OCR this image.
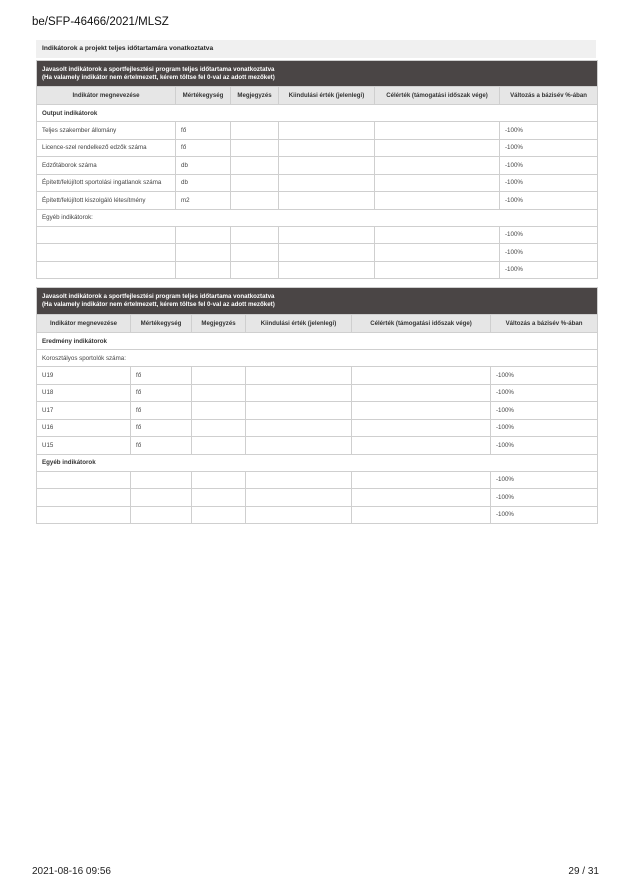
be/SFP-46466/2021/MLSZ
Indikátorok a projekt teljes időtartamára vonatkoztatva
Javasolt indikátorok a sportfejlesztési program teljes időtartama vonatkoztatva
(Ha valamely indikátor nem értelmezett, kérem töltse fel 0-val az adott mezőket)					

Indikátor megnevezése	Mértékegység	Megjegyzés	Kiindulási érték (jelenlegi)	Célérték (támogatási időszak vége)	Változás a bázisév %-ában
Output indikátorok					
Teljes szakember állomány	fő				-100%
Licence-szel rendelkező edzők száma	fő				-100%
Edzőtáborok száma	db				-100%
Épített/felújított sportolási ingatlanok száma	db				-100%
Épített/felújított kiszolgáló létesítmény	m2				-100%
Egyéb indikátorok:					
					-100%
					-100%
					-100%
Javasolt indikátorok a sportfejlesztési program teljes időtartama vonatkoztatva
(Ha valamely indikátor nem értelmezett, kérem töltse fel 0-val az adott mezőket)					

Indikátor megnevezése	Mértékegység	Megjegyzés	Kiindulási érték (jelenlegi)	Célérték (támogatási időszak vége)	Változás a bázisév %-ában
Eredmény indikátorok					
Korosztályos sportolók száma:					
U19	fő				-100%
U18	fő				-100%
U17	fő				-100%
U16	fő				-100%
U15	fő				-100%
Egyéb indikátorok					
					-100%
					-100%
					-100%
2021-08-16 09:56	29 / 31
